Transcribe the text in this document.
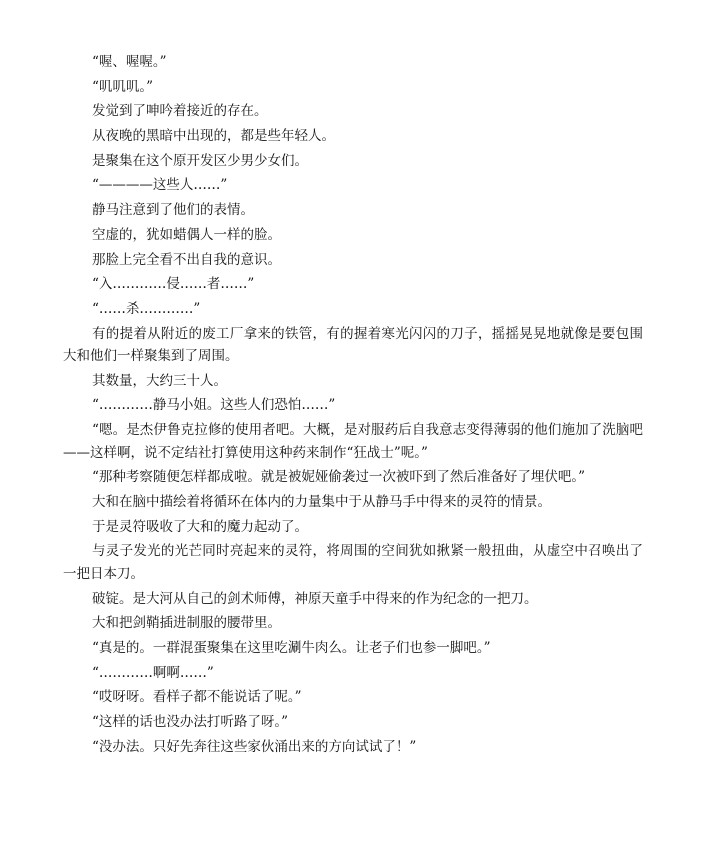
“喔、喔喔。”

“叽叽叽。”

发觉到了呻吟着接近的存在。

从夜晚的黑暗中出现的，都是些年轻人。

是聚集在这个原开发区少男少女们。

“————这些人……”

静马注意到了他们的表情。

空虚的，犹如蜡偶人一样的脸。

那脸上完全看不出自我的意识。

“入…………侵……者……”

“……杀…………”

有的提着从附近的废工厂拿来的铁管，有的握着寒光闪闪的刀子，摇摇晃晃地就像是要包围大和他们一样聚集到了周围。

其数量，大约三十人。

“…………静马小姐。这些人们恐怕……”

“嗯。是杰伊鲁克拉修的使用者吧。大概，是对服药后自我意志变得薄弱的他们施加了洗脑吧——这样啊，说不定结社打算使用这种药来制作“狂战士”呢。”

“那种考察随便怎样都成啦。就是被妮娅偷袭过一次被吓到了然后准备好了埋伏吧。”

大和在脑中描绘着将循环在体内的力量集中于从静马手中得来的灵符的情景。

于是灵符吸收了大和的魔力起动了。

与灵子发光的光芒同时亮起来的灵符，将周围的空间犹如揪紧一般扭曲，从虚空中召唤出了一把日本刀。

破锭。是大河从自己的剑术师傅，神原天童手中得来的作为纪念的一把刀。

大和把剑鞘插进制服的腰带里。

“真是的。一群混蛋聚集在这里吃涮牛肉么。让老子们也参一脚吧。”

“…………啊啊……”

“哎呀呀。看样子都不能说话了呢。”

“这样的话也没办法打听路了呀。”

“没办法。只好先奔往这些家伙涌出来的方向试试了！”
